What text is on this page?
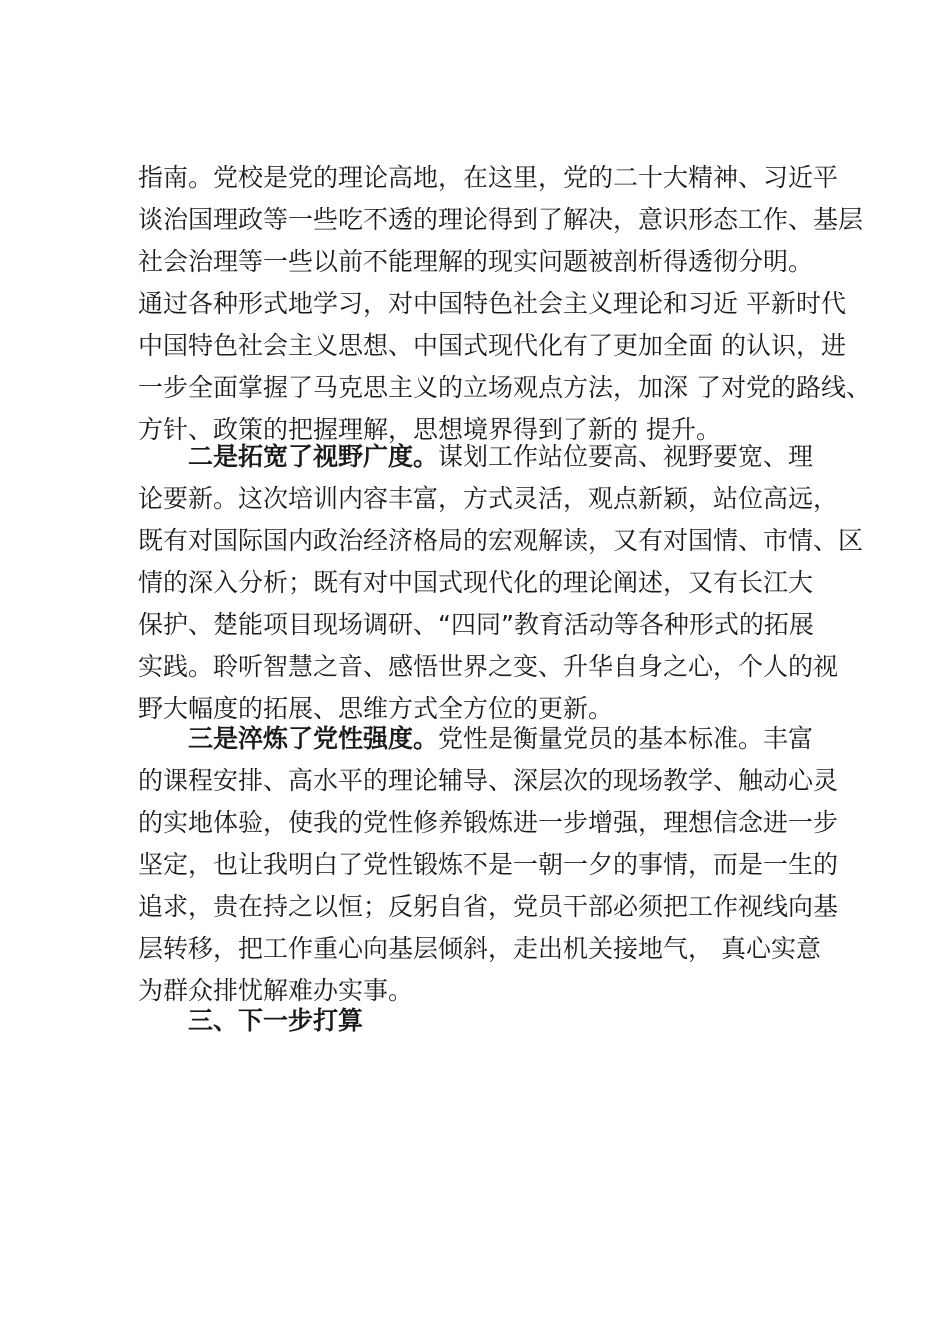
指南。党校是党的理论高地，在这里，党的二十大精神、习近平
谈治国理政等一些吃不透的理论得到了解决，意识形态工作、基层
社会治理等一些以前不能理解的现实问题被剖析得透彻分明。
通过各种形式地学习，对中国特色社会主义理论和习近 平新时代
中国特色社会主义思想、中国式现代化有了更加全面 的认识，进
一步全面掌握了马克思主义的立场观点方法，加深 了对党的路线、
方针、政策的把握理解，思想境界得到了新的 提升。
二是拓宽了视野广度。谋划工作站位要高、视野要宽、理
论要新。这次培训内容丰富，方式灵活，观点新颖，站位高远，
既有对国际国内政治经济格局的宏观解读，又有对国情、市情、区
情的深入分析；既有对中国式现代化的理论阐述，又有长江大
保护、楚能项目现场调研、“四同”教育活动等各种形式的拓展
实践。聆听智慧之音、感悟世界之变、升华自身之心，个人的视
野大幅度的拓展、思维方式全方位的更新。
三是淬炼了党性强度。党性是衡量党员的基本标准。丰富
的课程安排、高水平的理论辅导、深层次的现场教学、触动心灵
的实地体验，使我的党性修养锻炼进一步增强，理想信念进一步
坚定，也让我明白了党性锻炼不是一朝一夕的事情，而是一生的
追求，贵在持之以恒；反躬自省，党员干部必须把工作视线向基
层转移，把工作重心向基层倾斜，走出机关接地气， 真心实意
为群众排忧解难办实事。
三、下一步打算
